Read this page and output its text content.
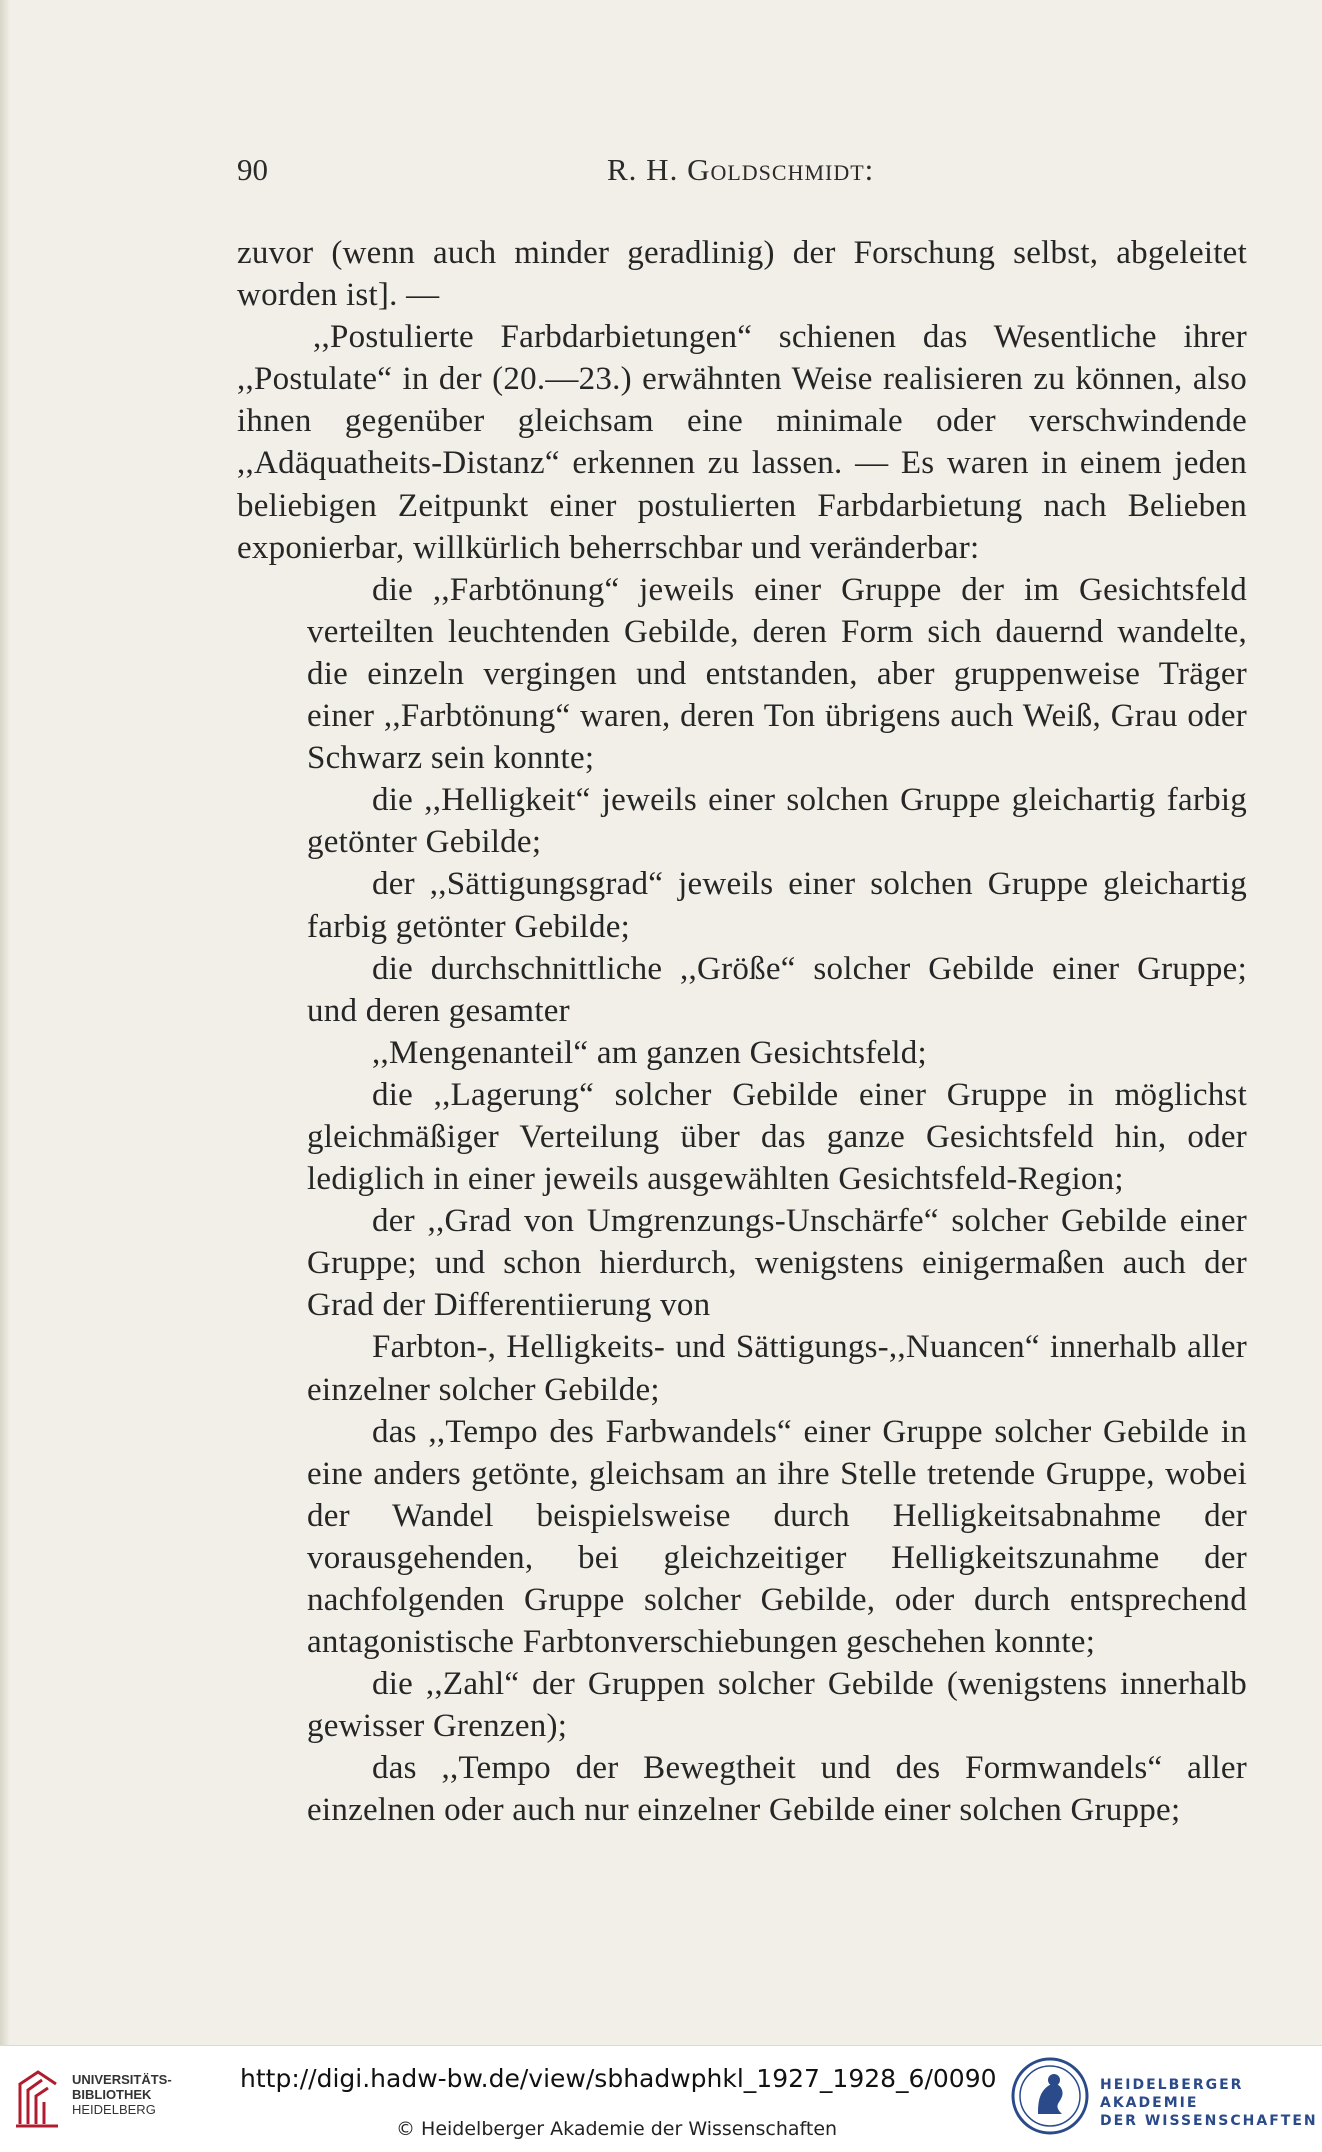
90	R. H. Goldschmidt:

zuvor (wenn auch minder geradlinig) der Forschung selbst, abgeleitet worden ist]. —

,,Postulierte Farbdarbietungen“ schienen das Wesentliche ihrer ,,Postulate“ in der (20.—23.) erwähnten Weise realisieren zu können, also ihnen gegenüber gleichsam eine minimale oder verschwindende ,,Adäquatheits-Distanz“ erkennen zu lassen. — Es waren in einem jeden beliebigen Zeitpunkt einer postulierten Farbdarbietung nach Belieben exponierbar, willkürlich beherrschbar und veränderbar:

die ,,Farbtönung“ jeweils einer Gruppe der im Gesichtsfeld verteilten leuchtenden Gebilde, deren Form sich dauernd wandelte, die einzeln vergingen und entstanden, aber gruppenweise Träger einer ,,Farbtönung“ waren, deren Ton übrigens auch Weiß, Grau oder Schwarz sein konnte;

die ,,Helligkeit“ jeweils einer solchen Gruppe gleichartig farbig getönter Gebilde;

der ,,Sättigungsgrad“ jeweils einer solchen Gruppe gleichartig farbig getönter Gebilde;

die durchschnittliche ,,Größe“ solcher Gebilde einer Gruppe; und deren gesamter

,,Mengenanteil“ am ganzen Gesichtsfeld;

die ,,Lagerung“ solcher Gebilde einer Gruppe in möglichst gleichmäßiger Verteilung über das ganze Gesichtsfeld hin, oder lediglich in einer jeweils ausgewählten Gesichtsfeld-Region;

der ,,Grad von Umgrenzungs-Unschärfe“ solcher Gebilde einer Gruppe; und schon hierdurch, wenigstens einigermaßen auch der Grad der Differentiierung von

Farbton-, Helligkeits- und Sättigungs-,,Nuancen“ innerhalb aller einzelner solcher Gebilde;

das ,,Tempo des Farbwandels“ einer Gruppe solcher Gebilde in eine anders getönte, gleichsam an ihre Stelle tretende Gruppe, wobei der Wandel beispielsweise durch Helligkeitsabnahme der vorausgehenden, bei gleichzeitiger Helligkeitszunahme der nachfolgenden Gruppe solcher Gebilde, oder durch entsprechend antagonistische Farbtonverschiebungen geschehen konnte;

die ,,Zahl“ der Gruppen solcher Gebilde (wenigstens innerhalb gewisser Grenzen);

das ,,Tempo der Bewegtheit und des Formwandels“ aller einzelnen oder auch nur einzelner Gebilde einer solchen Gruppe;

UNIVERSITÄTS-
BIBLIOTHEK
HEIDELBERG
http://digi.hadw-bw.de/view/sbhadwphkl_1927_1928_6/0090
© Heidelberger Akademie der Wissenschaften
HEIDELBERGER AKADEMIE
DER WISSENSCHAFTEN
